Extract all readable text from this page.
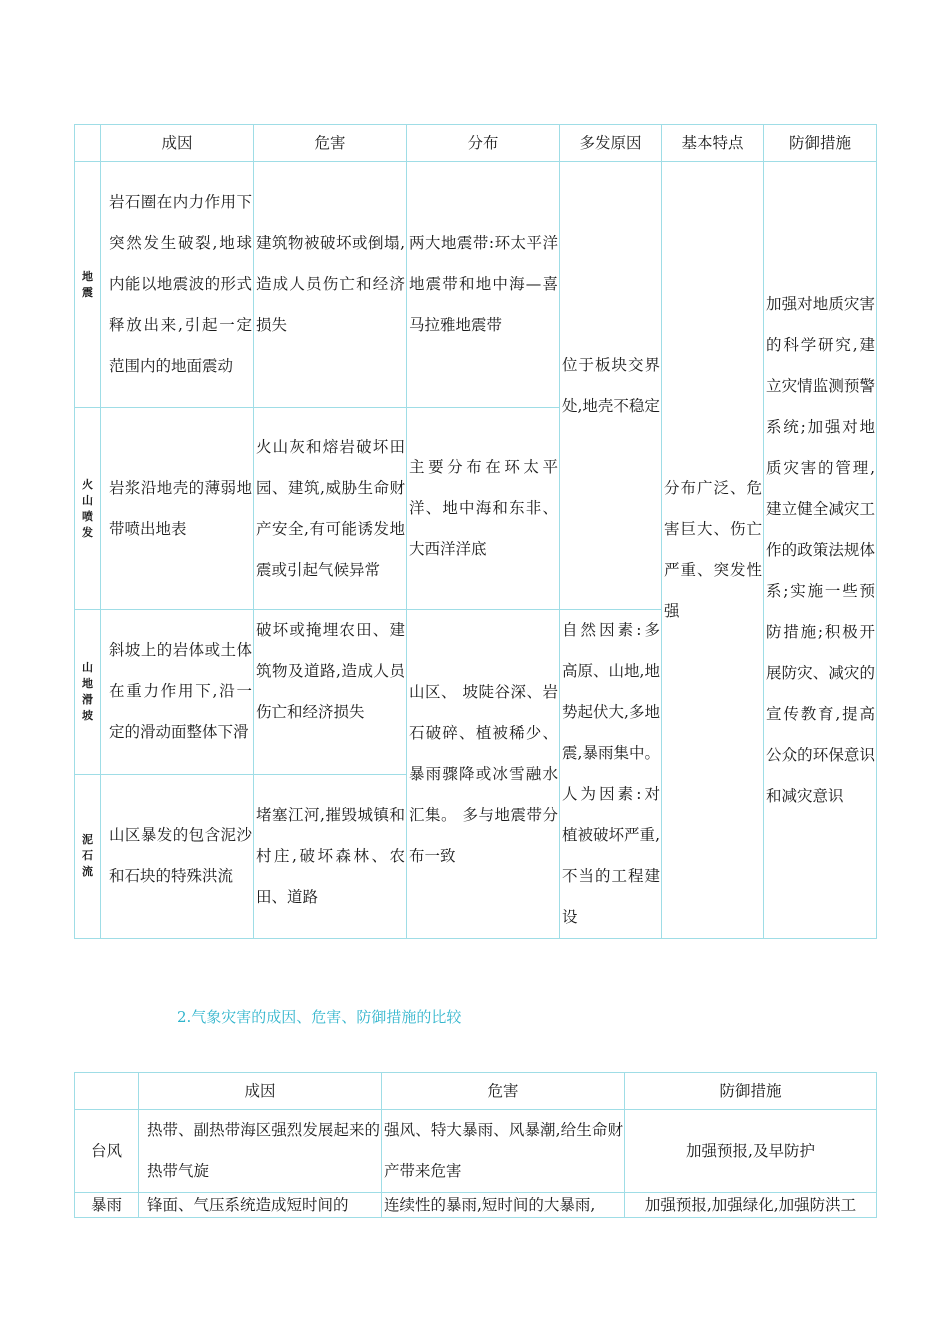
	成因	危害	分布	多发原因	基本特点	防御措施
地震	岩石圈在内力作用下突然发生破裂,地球内能以地震波的形式释放出来,引起一定范围内的地面震动	建筑物被破坏或倒塌,造成人员伤亡和经济损失	两大地震带:环太平洋地震带和地中海—喜马拉雅地震带	位于板块交界处,地壳不稳定	分布广泛、危害巨大、伤亡严重、突发性强	加强对地质灾害的科学研究,建立灾情监测预警系统;加强对地质灾害的管理,建立健全减灾工作的政策法规体系;实施一些预防措施;积极开展防灾、减灾的宣传教育,提高公众的环保意识和减灾意识
火山喷发	岩浆沿地壳的薄弱地带喷出地表	火山灰和熔岩破坏田园、建筑,威胁生命财产安全,有可能诱发地震或引起气候异常	主要分布在环太平洋、地中海和东非、大西洋洋底			
山地滑坡	斜坡上的岩体或土体在重力作用下,沿一定的滑动面整体下滑	破坏或掩埋农田、建筑物及道路,造成人员伤亡和经济损失	山区、 坡陡谷深、岩石破碎、植被稀少、暴雨骤降或冰雪融水汇集。 多与地震带分布一致	自然因素:多高原、山地,地势起伏大,多地震,暴雨集中。 人为因素:对植被破坏严重,不当的工程建设		
泥石流	山区暴发的包含泥沙和石块的特殊洪流	堵塞江河,摧毁城镇和村庄,破坏森林、农田、道路				
2.气象灾害的成因、危害、防御措施的比较
	成因	危害	防御措施
台风	热带、副热带海区强烈发展起来的热带气旋	强风、特大暴雨、风暴潮,给生命财产带来危害	加强预报,及早防护
暴雨	锋面、气压系统造成短时间的	连续性的暴雨,短时间的大暴雨,	加强预报,加强绿化,加强防洪工
